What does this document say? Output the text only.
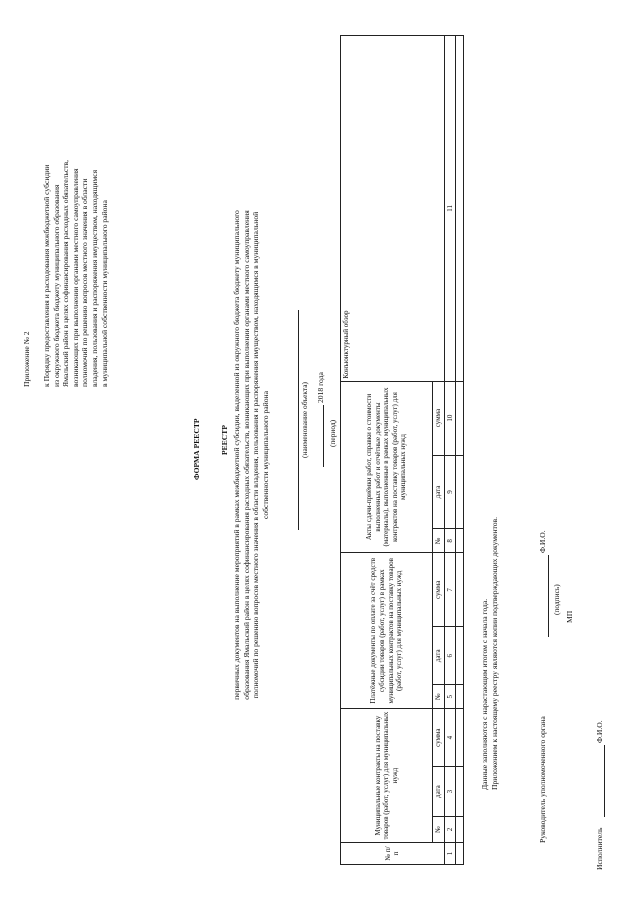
Приложение № 2 к Порядку предоставления и расходования межбюджетной субсидии из окружного бюджета бюджету муниципального образования Ямальский район в целях софинансирования расходных обязательств, возникающих при выполнении органами местного самоуправления полномочий по решению вопросов местного значения в области владения, пользования и распоряжения имуществом, находящимся в муниципальной собственности муниципального района
ФОРМА РЕЕСТР	РЕЕСТР первичных документов на выполнение мероприятий в рамках межбюджетной субсидии, выделенной из окружного бюджета бюджету муниципального образования Ямальский район в целях софинансирования расходных обязательств, возникающих при выполнении органами местного самоуправления полномочий по решению вопросов местного значения в области владения, пользования и распоряжения имуществом, находящимся в муниципальной собственности муниципального района	(наименование объекта) 2018 года
(период)
№ п/п	Муниципальные контракты на поставку товаров (работ, услуг) для муниципальных нужд			Платёжные документы по оплате за счёт средств субсидии товаров (работ, услуг) в рамках муниципальных контрактов на поставку товаров (работ, услуг) для муниципальных нужд			Акты сдачи-приёмки работ, справки о стоимости выполненных работ и отчётные документы (материалы), выполненные в рамках муниципальных контрактов на поставку товаров (работ, услуг) для муниципальных нужд			Конъюнктурный обзор
	№	дата	сумма	№	дата	сумма	№	дата	сумма	
1	2	3	4	5	6	7	8	9	10	11

Данные заполняются с нарастающим итогом с начала года. Приложением к настоящему реестру являются копии подтверждающих документов.	Руководитель уполномоченного органа
Ф.И.О.
(подпись)
МП
Исполнитель
Ф.И.О.
